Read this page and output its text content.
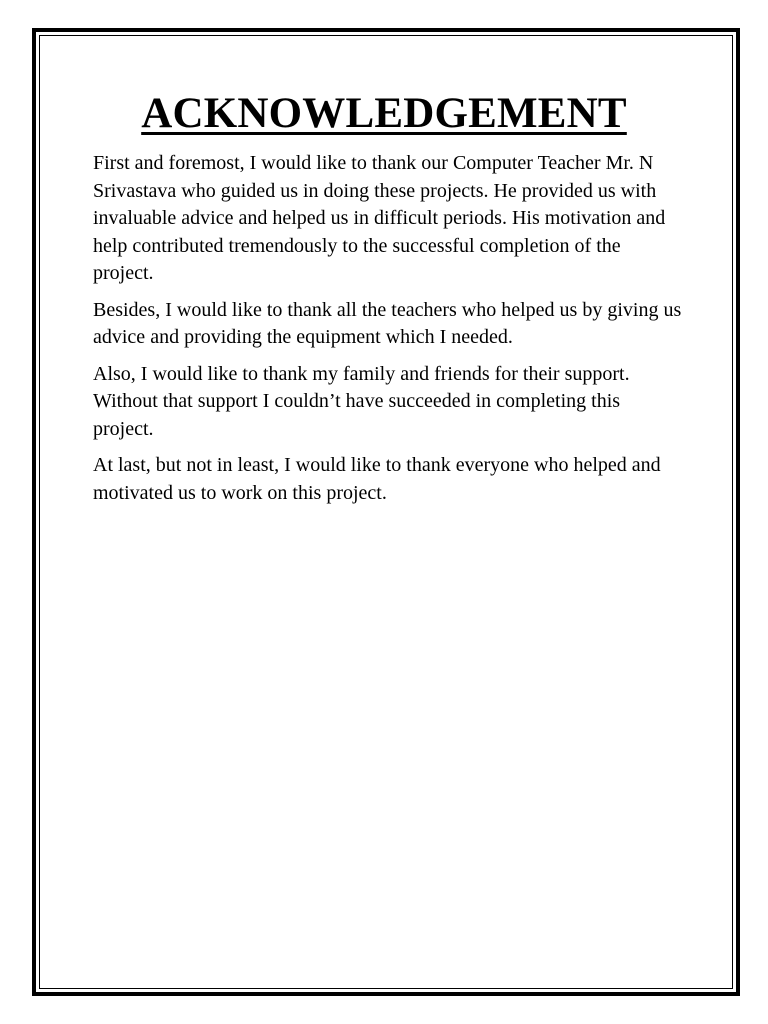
ACKNOWLEDGEMENT

First and foremost, I would like to thank our Computer Teacher Mr. N Srivastava who guided us in doing these projects. He provided us with invaluable advice and helped us in difficult periods. His motivation and help contributed tremendously to the successful completion of the project.

Besides, I would like to thank all the teachers who helped us by giving us advice and providing the equipment which I needed.

Also, I would like to thank my family and friends for their support. Without that support I couldn’t have succeeded in completing this project.

At last, but not in least, I would like to thank everyone who helped and motivated us to work on this project.
